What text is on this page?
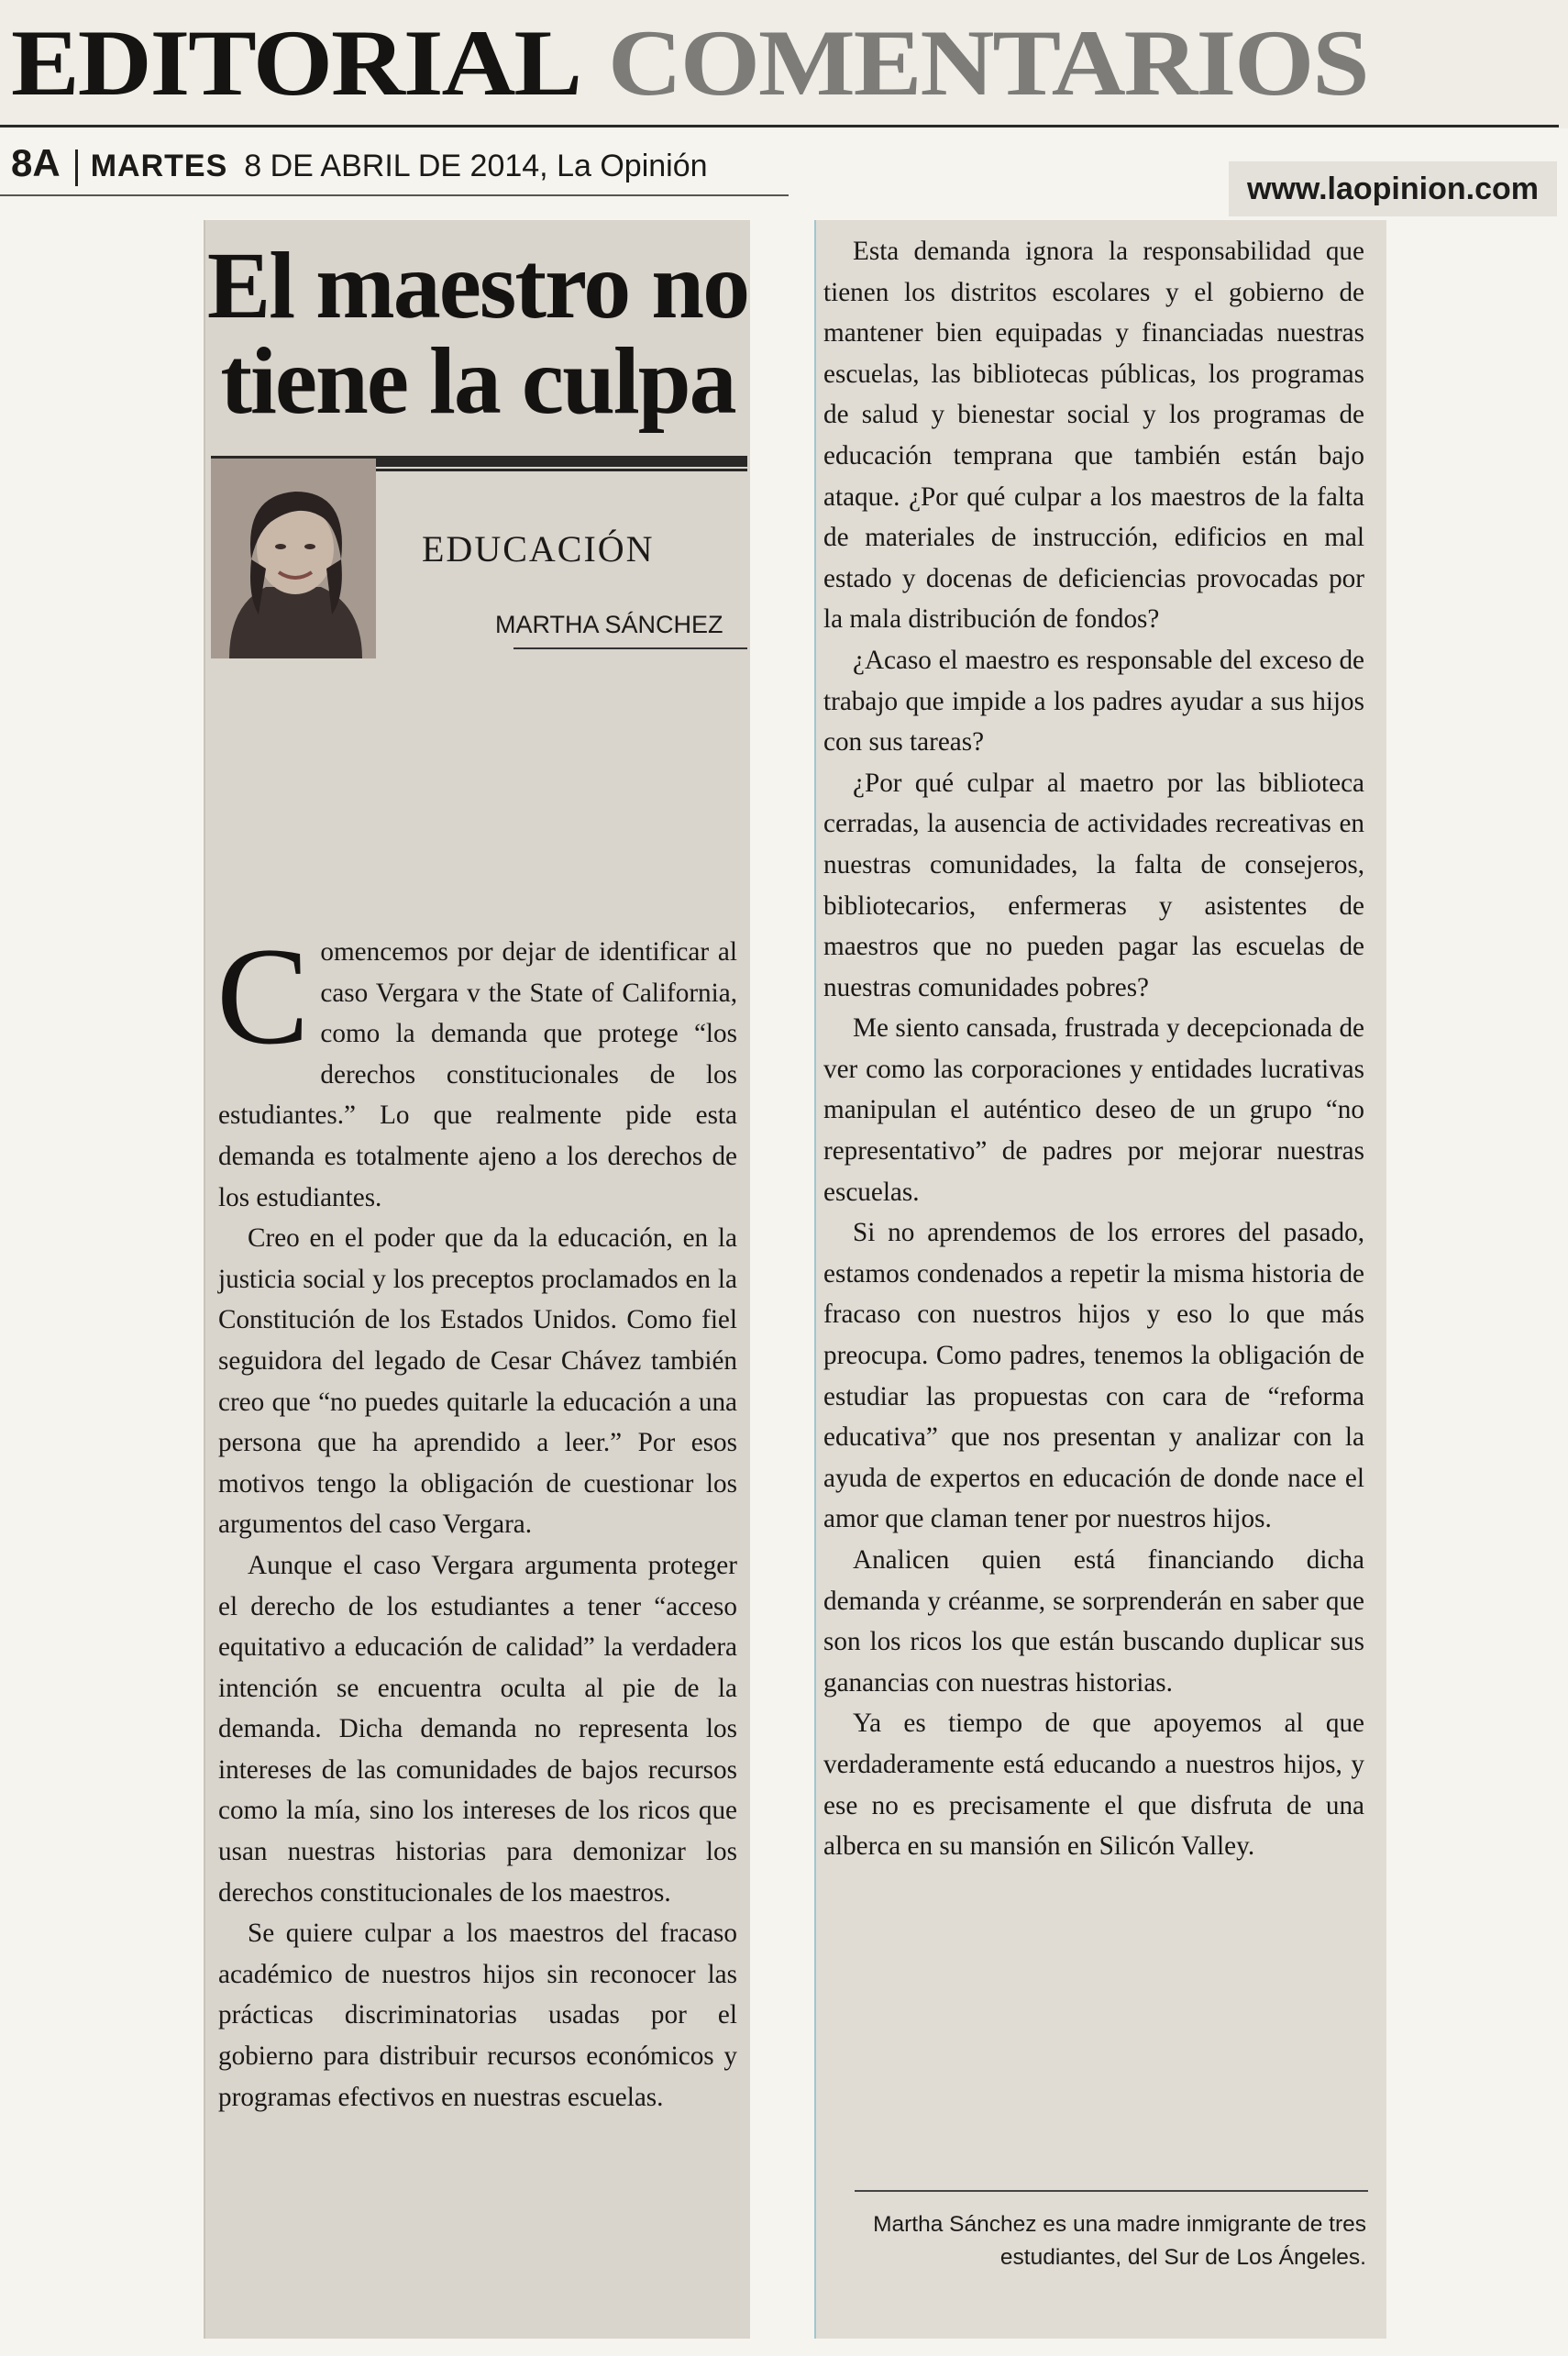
EDITORIAL COMENTARIOS
8A MARTES 8 DE ABRIL DE 2014, La Opinión
www.laopinion.com
El maestro no tiene la culpa
EDUCACIÓN
MARTHA SÁNCHEZ

Comencemos por dejar de identificar al caso Vergara v the State of California, como la demanda que protege “los derechos constitucionales de los estudiantes.” Lo que realmente pide esta demanda es totalmente ajeno a los derechos de los estudiantes.

Creo en el poder que da la educación, en la justicia social y los preceptos proclamados en la Constitución de los Estados Unidos. Como fiel seguidora del legado de Cesar Chávez también creo que “no puedes quitarle la educación a una persona que ha aprendido a leer.” Por esos motivos tengo la obligación de cuestionar los argumentos del caso Vergara.

Aunque el caso Vergara argumenta proteger el derecho de los estudiantes a tener “acceso equitativo a educación de calidad” la verdadera intención se encuentra oculta al pie de la demanda. Dicha demanda no representa los intereses de las comunidades de bajos recursos como la mía, sino los intereses de los ricos que usan nuestras historias para demonizar los derechos constitucionales de los maestros.

Se quiere culpar a los maestros del fracaso académico de nuestros hijos sin reconocer las prácticas discriminatorias usadas por el gobierno para distribuir recursos económicos y programas efectivos en nuestras escuelas.

Esta demanda ignora la responsabilidad que tienen los distritos escolares y el gobierno de mantener bien equipadas y financiadas nuestras escuelas, las bibliotecas públicas, los programas de salud y bienestar social y los programas de educación temprana que también están bajo ataque. ¿Por qué culpar a los maestros de la falta de materiales de instrucción, edificios en mal estado y docenas de deficiencias provocadas por la mala distribución de fondos?

¿Acaso el maestro es responsable del exceso de trabajo que impide a los padres ayudar a sus hijos con sus tareas?

¿Por qué culpar al maetro por las biblioteca cerradas, la ausencia de actividades recreativas en nuestras comunidades, la falta de consejeros, bibliotecarios, enfermeras y asistentes de maestros que no pueden pagar las escuelas de nuestras comunidades pobres?

Me siento cansada, frustrada y decepcionada de ver como las corporaciones y entidades lucrativas manipulan el auténtico deseo de un grupo “no representativo” de padres por mejorar nuestras escuelas.

Si no aprendemos de los errores del pasado, estamos condenados a repetir la misma historia de fracaso con nuestros hijos y eso lo que más preocupa. Como padres, tenemos la obligación de estudiar las propuestas con cara de “reforma educativa” que nos presentan y analizar con la ayuda de expertos en educación de donde nace el amor que claman tener por nuestros hijos.

Analicen quien está financiando dicha demanda y créanme, se sorprenderán en saber que son los ricos los que están buscando duplicar sus ganancias con nuestras historias.

Ya es tiempo de que apoyemos al que verdaderamente está educando a nuestros hijos, y ese no es precisamente el que disfruta de una alberca en su mansión en Silicón Valley.

Martha Sánchez es una madre inmigrante de tres estudiantes, del Sur de Los Ángeles.
